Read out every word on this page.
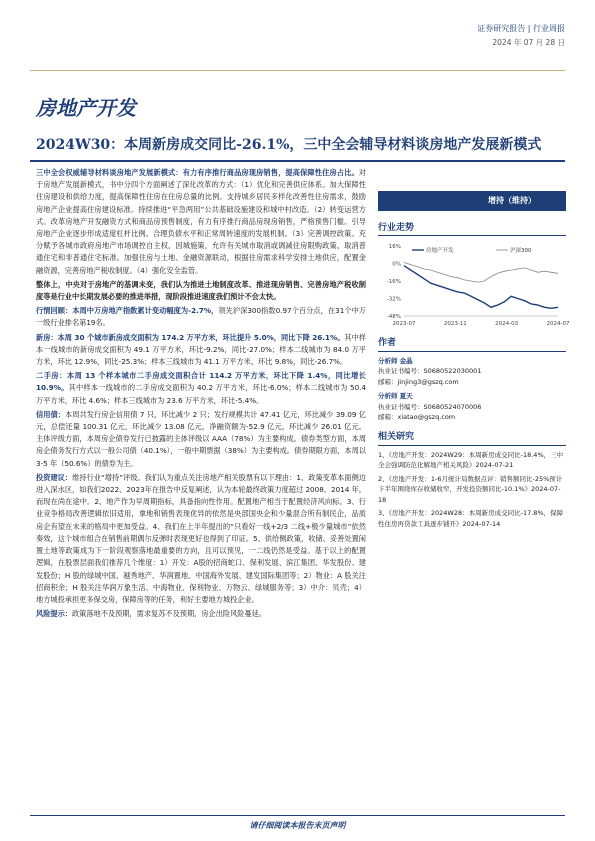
证券研究报告 | 行业周报
2024 年 07 月 28 日
房地产开发
2024W30：本周新房成交同比-26.1%，三中全会辅导材料谈房地产发展新模式

三中全会权威辅导材料谈房地产发展新模式：有力有序推行商品房现房销售，提高保障性住房占比。对于房地产发展新模式，书中分四个方面阐述了深化改革的方式：（1）优化和完善供应体系。加大保障性住房建设和供给力度，提高保障性住房在住房总量的比例。支持城乡居民多样化改善性住房需求，鼓励房地产企业提高住房建设标准。持续推进“平急两用”公共基础设施建设和城中村改造。（2）转变运营方式。改革房地产开发融资方式和商品房预售制度，有力有序推行商品房现房销售，严格预售门槛。引导房地产企业逐步形成适度杠杆比例、合理负债水平和正常周转速度的发展机制。（3）完善调控政策。充分赋予各城市政府房地产市场调控自主权，因城施策，允许有关城市取消或调减住房限购政策、取消普通住宅和非普通住宅标准。加强住房与土地、金融资源联动，根据住房需求科学安排土地供应，配置金融资源，完善房地产税收制度。（4）强化安全监管。

整体上，中央对于房地产的基调未变，我们认为推进土地制度改革、推进现房销售、完善房地产税收制度等是行业中长期发展必要的推进举措，现阶段推进速度我们预计不会太快。

行情回顾：本周中万房地产指数累计变动幅度为-2.7%，领先沪深300指数0.97个百分点，在31个中万一级行业排名第19名。

新房：本周 30 个城市新房成交面积为 174.2 万平方米，环比提升 5.0%，同比下降 26.1%。其中样本一线城市的新房成交面积为 49.1 万平方米，环比-9.2%，同比-27.0%；样本二线城市为 84.0 万平方米，环比 12.9%，同比-25.3%；样本三线城市为 41.1 万平方米，环比 9.8%，同比-26.7%。

二手房：本周 13 个样本城市二手房成交面积合计 114.2 万平方米，环比下降 1.4%，同比增长 10.9%。其中样本一线城市的二手房成交面积为 40.2 万平方米，环比-6.0%；样本二线城市为 50.4 万平方米，环比 4.6%；样本三线城市为 23.6 万平方米，环比-5.4%。

信用债：本周共发行房企信用债 7 只，环比减少 2 只；发行规模共计 47.41 亿元，环比减少 39.09 亿元，总偿还量 100.31 亿元，环比减少 13.08 亿元，净融资额为-52.9 亿元，环比减少 26.01 亿元。主体评级方面，本周房企债券发行已披露的主体评级以 AAA（78%）为主要构成。债券类型方面，本周房企债务发行方式以一般公司债（40.1%），一般中期票据（38%）为主要构成。债券期限方面，本周以 3-5 年（50.6%）的债券为主。

投资建议：维持行业“增持”评级。我们认为重点关注房地产相关股票有以下理由：1、政策变革本面侧边进入深水区，如我们2022、2023年在报告中反复阐述，认为本轮最终政策力度超过 2008、2014 年，而现在尚在途中。2、地产作为早周期指标，具备指向性作用。配置地产相当于配置经济风向标。3、行业竞争格局改善逻辑依旧适用，拿地和销售表现优异的依然是央部国央企和少量混合所有制民企，品质房企有望在未来的格局中更加受益。4、我们在上半年提出的“只看好一线+2/3 二线+极少量城市”依然奏效，这个城市组合在销售前期偶尔反弹时表现更好也得到了印证。5、供给侧政策，收储、妥善处置闲置土地等政策成为下一阶段观察落地最重要的方向，且可以预见，一二线仍然是受益。基于以上的配置逻辑，在股票层面我们推荐几个维度：1）开发：A股的招商蛇口、保利发展、滨江集团、华发股份、建发股份；H 股的绿城中国、越秀地产、华润置地、中国海外发展、建发国际集团等；2）物业：A 股关注招商积余；H 股关注华润万象生活、中海物业、保利物业、万物云、绿城服务等；3）中介：贝壳；4）地方城投承担更多保交房，保障房等的任务，利好主要地方城投企业。

风险提示：政策落地不及预期，需求复苏不及预期，房企出险风险蔓延。

增持（维持）
行业走势
16%
0%
-16%
-32%
-48%
2023-07	2023-11	2024-03	2024-07
房地产开发	沪深300
作者
分析师 金晶
执业证书编号：S0680522030001
邮箱：jinjing3@gszq.com
分析师 夏天
执业证书编号：S0680524070006
邮箱：xiatao@gszq.com
相关研究

1、《房地产开发：2024W29：本周新房成交同比-18.4%，三中全会强调防范化解地产相关风险》2024-07-21

2、《房地产开发：1-6月统计局数据点评：销售额同比-25%预计下半年围绕库存收储收窄，开发投资额同比-10.1%》2024-07-18

3、《房地产开发：2024W28：本周新房成交同比-17.8%，保障性住房再贷款工具逐步铺开》2024-07-14

请仔细阅读本报告末页声明
